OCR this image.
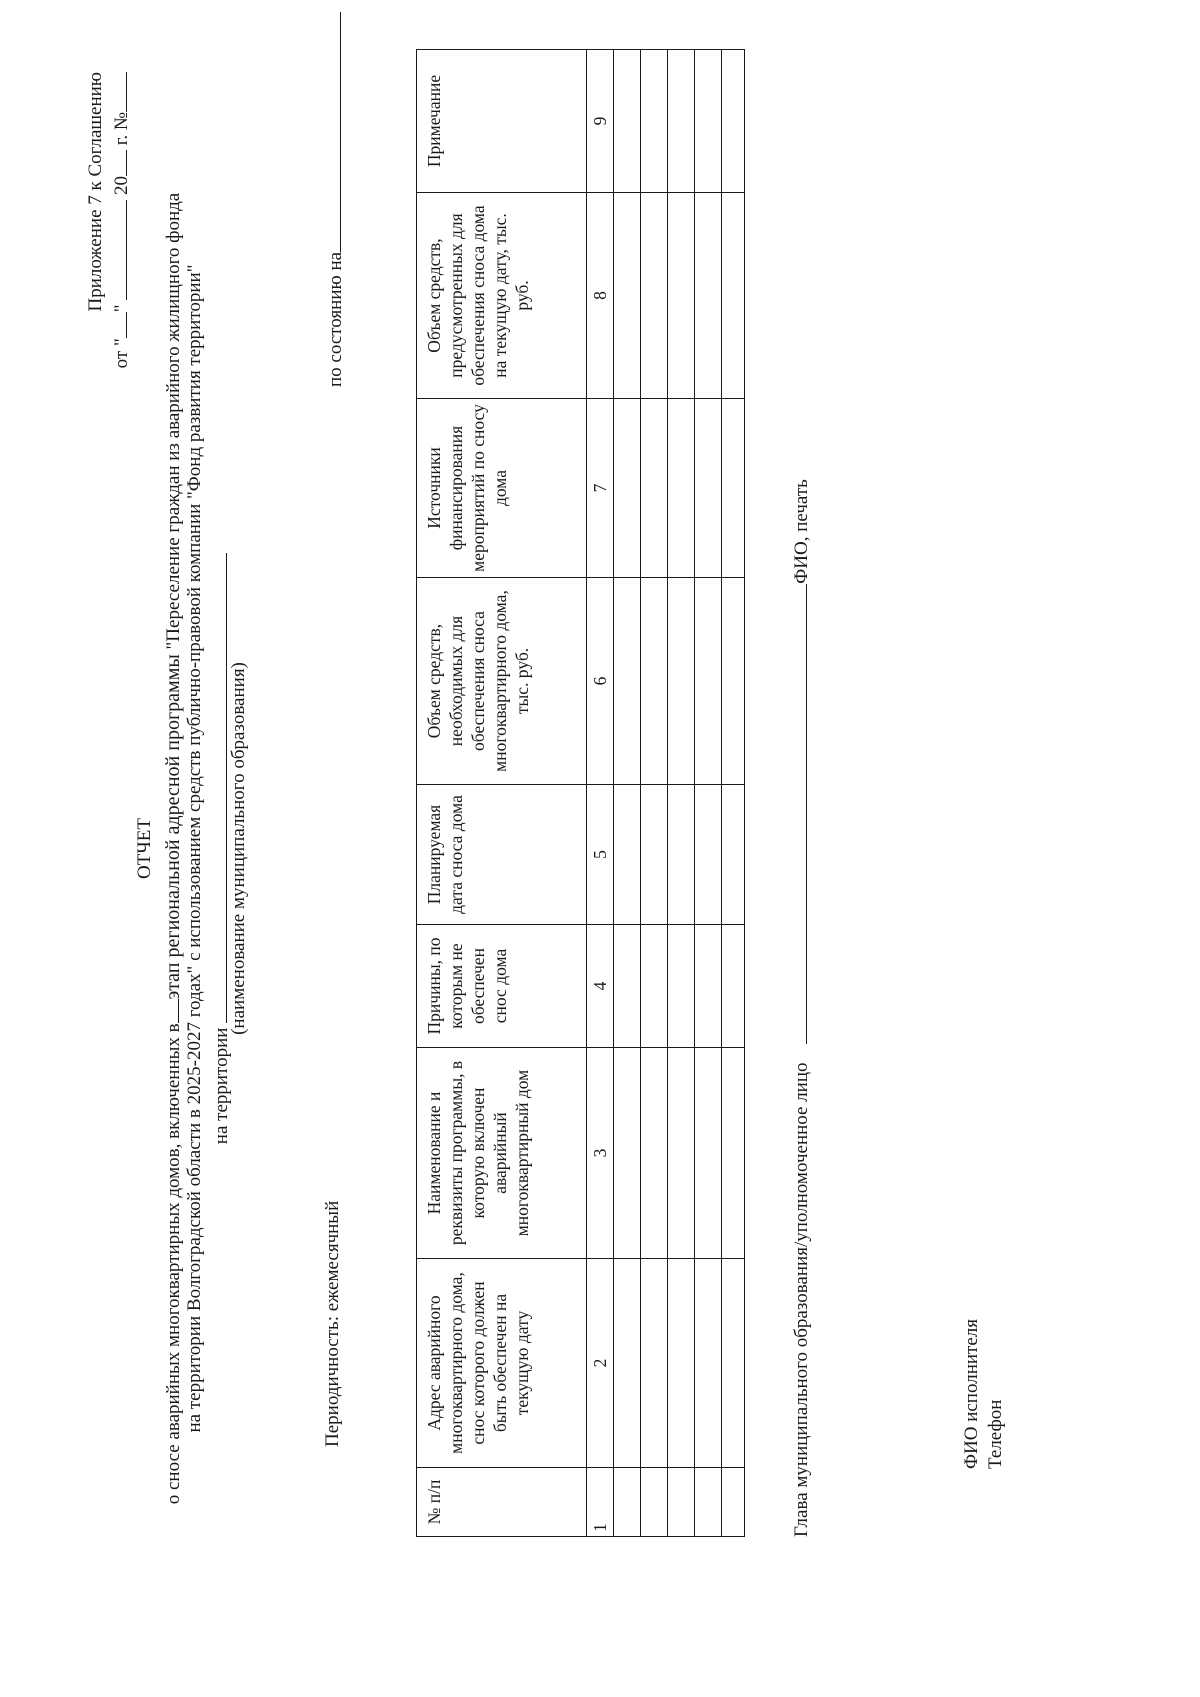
Приложение 7 к Соглашению
от ""  20 г. №
ОТЧЕТ
о сносе аварийных многоквартирных домов, включенных вэтап региональной адресной программы "Переселение граждан из аварийного жилищного фонда на территории Волгоградской области в 2025-2027 годах" с использованием средств публично-правовой компании "Фонд развития территории" на территории
(наименование муниципального образования)
Периодичность: ежемесячный
по состоянию на
№ п/п	Адрес аварийного многоквартирного дома, снос которого должен быть обеспечен на текущую дату	Наименование и реквизиты программы, в которую включен аварийный многоквартирный дом	Причины, по которым не обеспечен снос дома	Планируемая дата сноса дома	Объем средств, необходимых для обеспечения сноса многоквартирного дома, тыс. руб.	Источники финансирования мероприятий по сносу дома	Объем средств, предусмотренных для обеспечения сноса дома на текущую дату, тыс. руб.	Примечание
1	2	3	4	5	6	7	8	9

Глава муниципального образования/уполномоченное лицо ФИО, печать
ФИО исполнителя Телефон
